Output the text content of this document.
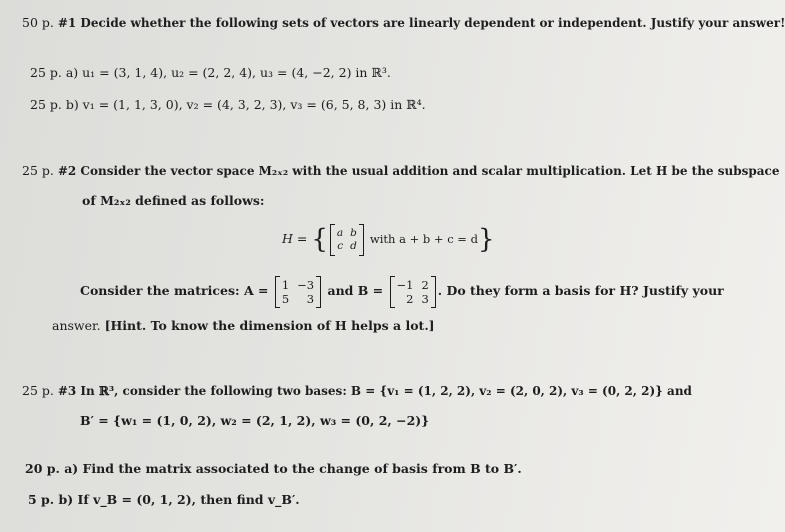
50 p. #1 Decide whether the following sets of vectors are linearly dependent or independent. Justify your answer!
25 p. a) u₁ = (3, 1, 4), u₂ = (2, 2, 4), u₃ = (4, −2, 2) in ℝ³.
25 p. b) v₁ = (1, 1, 3, 0), v₂ = (4, 3, 2, 3), v₃ = (6, 5, 8, 3) in ℝ⁴.
25 p. #2 Consider the vector space M₂ₓ₂ with the usual addition and scalar multiplication. Let H be the subspace
of M₂ₓ₂ defined as follows:
H = { a b
c d with a + b + c = d}
Consider the matrices: A = 1 −3
5	3
and B = −1 2
2 3
. Do they form a basis for H? Justify your
answer. [Hint. To know the dimension of H helps a lot.]
25 p. #3 In ℝ³, consider the following two bases: B = {v₁ = (1, 2, 2), v₂ = (2, 0, 2), v₃ = (0, 2, 2)} and
B′ = {w₁ = (1, 0, 2), w₂ = (2, 1, 2), w₃ = (0, 2, −2)}
20 p. a) Find the matrix associated to the change of basis from B to B′.
5 p. b) If v_B = (0, 1, 2), then find v_B′.
